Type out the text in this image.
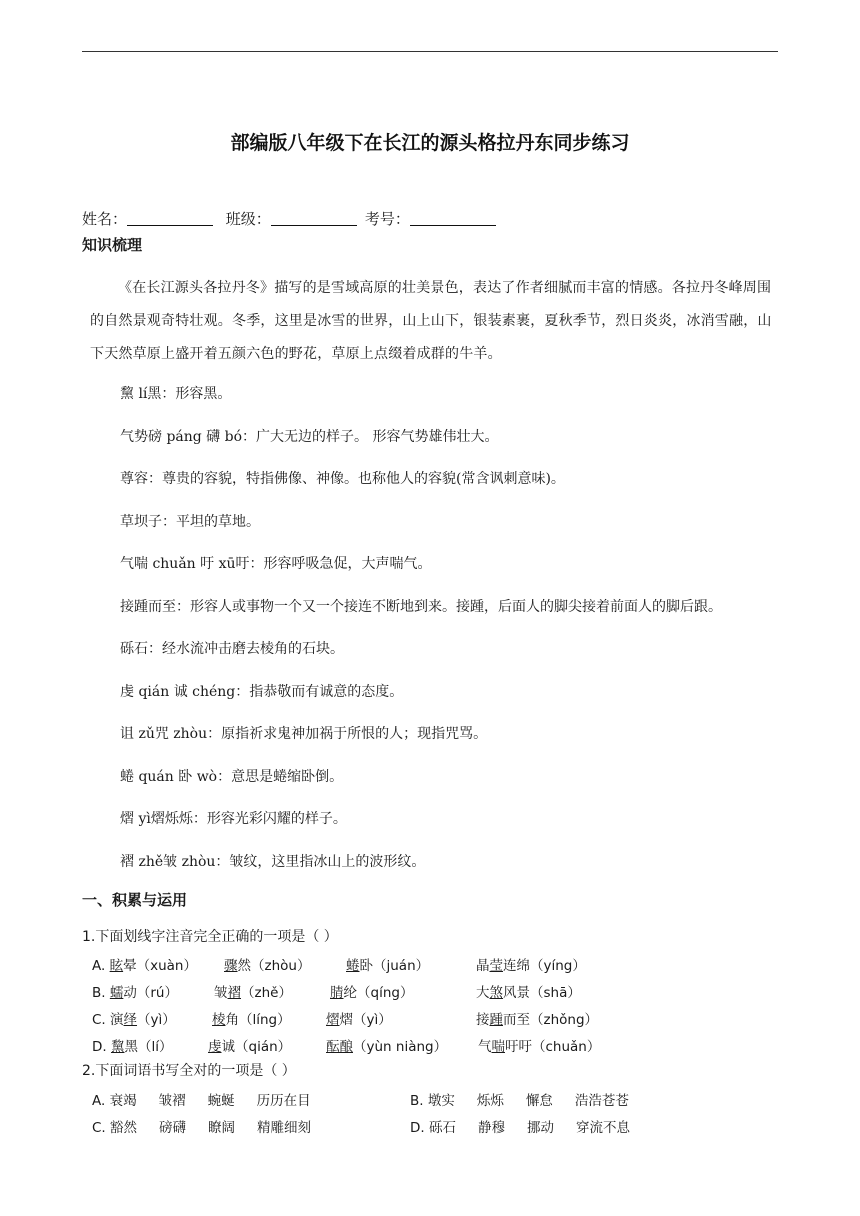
部编版八年级下在长江的源头格拉丹东同步练习
姓名：	班级：	考号：
知识梳理
《在长江源头各拉丹冬》描写的是雪域高原的壮美景色，表达了作者细腻而丰富的情感。各拉丹冬峰周围的自然景观奇特壮观。冬季，这里是冰雪的世界，山上山下，银装素裹，夏秋季节，烈日炎炎，冰消雪融，山下天然草原上盛开着五颜六色的野花，草原上点缀着成群的牛羊。
黧 lí黑：形容黑。
气势磅 páng 礴 bó：广大无边的样子。 形容气势雄伟壮大。
尊容：尊贵的容貌，特指佛像、神像。也称他人的容貌(常含讽刺意味)。
草坝子：平坦的草地。
气喘 chuǎn 吁 xū吁：形容呼吸急促，大声喘气。
接踵而至：形容人或事物一个又一个接连不断地到来。接踵，后面人的脚尖接着前面人的脚后跟。
砾石：经水流冲击磨去棱角的石块。
虔 qián 诚 chéng：指恭敬而有诚意的态度。
诅 zǔ咒 zhòu：原指祈求鬼神加祸于所恨的人；现指咒骂。
蜷 quán 卧 wò：意思是蜷缩卧倒。
熠 yì熠烁烁：形容光彩闪耀的样子。
褶 zhě皱 zhòu：皱纹，这里指冰山上的波形纹。
一、积累与运用
1.下面划线字注音完全正确的一项是（ ）
A. 眩晕（xuàn） 骤然（zhòu）	蜷卧（juán）	晶莹连绵（yíng）
B. 蠕动（rú）	皱褶（zhě）	腈纶（qíng）	大煞风景（shā）
C. 演绎（yì）	棱角（líng）	熠熠（yì）	接踵而至（zhǒng）
D. 黧黑（lí）	虔诚（qián）	酝酿（yùn niàng） 气喘吁吁（chuǎn）
2.下面词语书写全对的一项是（ ）
A. 衰竭 皱褶 蜿蜒 历历在目	B. 墩实 烁烁 懈怠 浩浩苍苍
C. 豁然 磅礴 瞭阔 精雕细刻	D. 砾石 静穆 挪动 穿流不息
